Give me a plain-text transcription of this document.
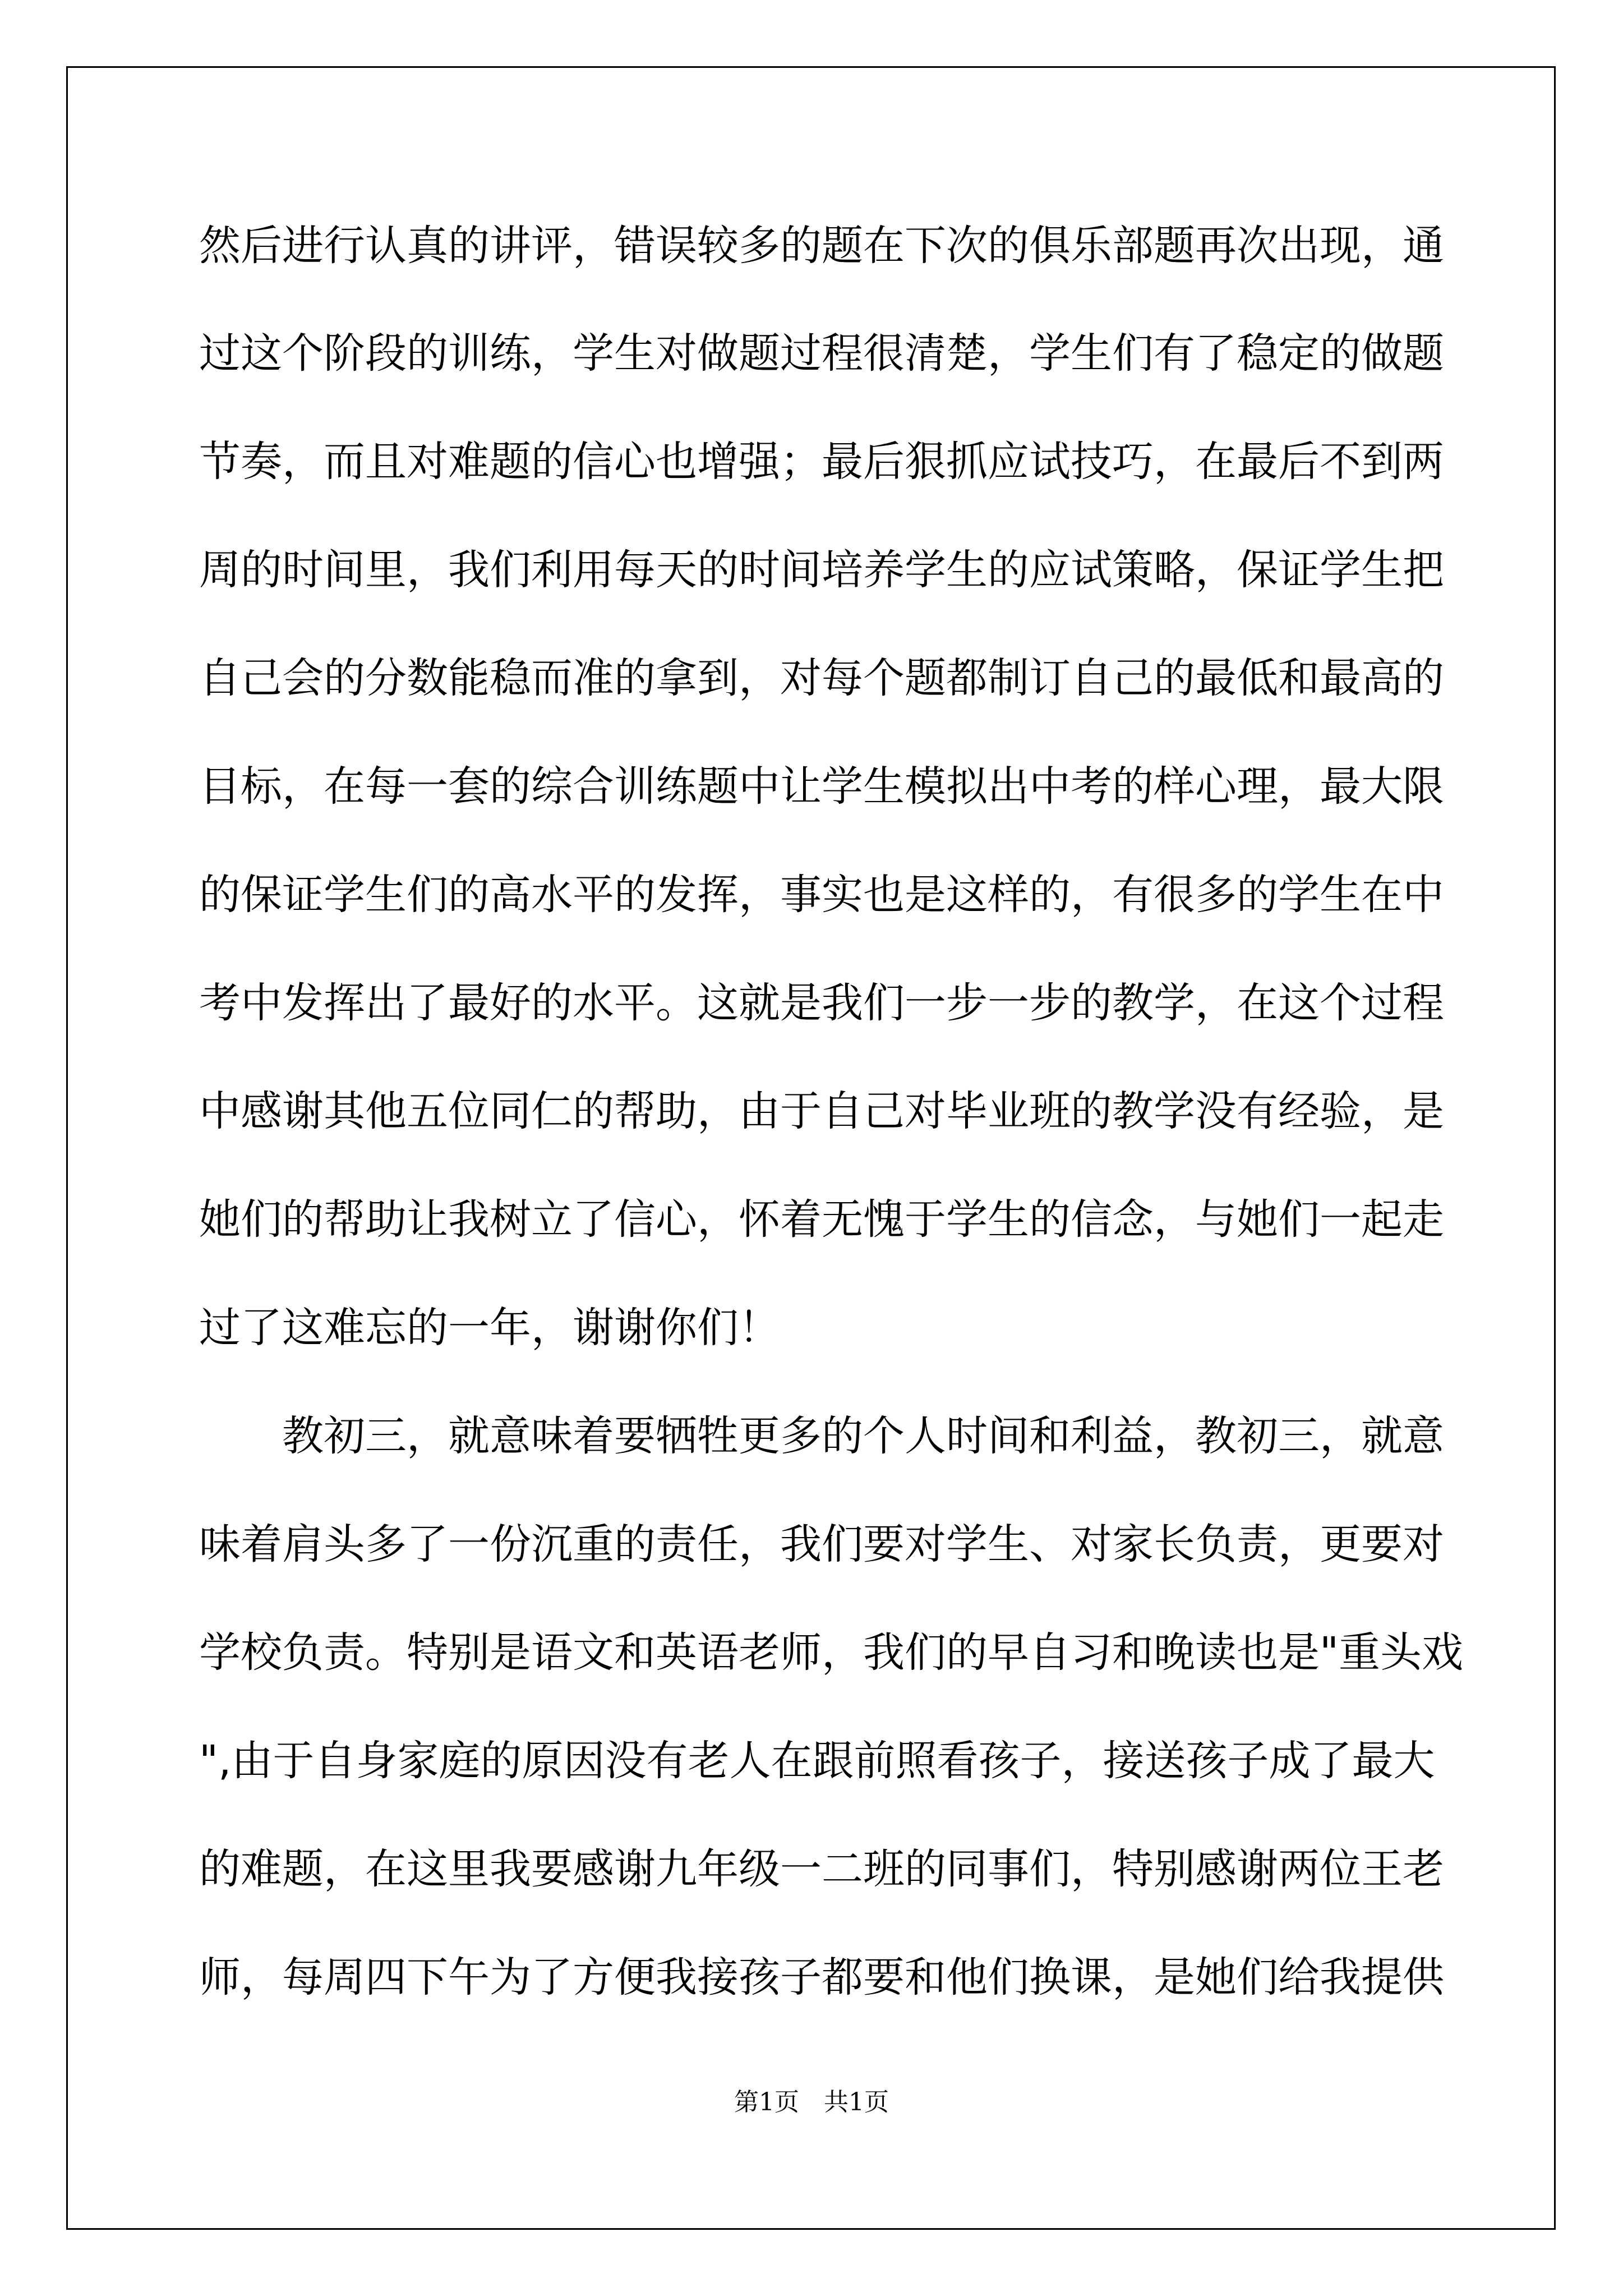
然后进行认真的讲评，错误较多的题在下次的俱乐部题再次出现，通
过这个阶段的训练，学生对做题过程很清楚，学生们有了稳定的做题
节奏，而且对难题的信心也增强；最后狠抓应试技巧，在最后不到两
周的时间里，我们利用每天的时间培养学生的应试策略，保证学生把
自己会的分数能稳而准的拿到，对每个题都制订自己的最低和最高的
目标，在每一套的综合训练题中让学生模拟出中考的样心理，最大限
的保证学生们的高水平的发挥，事实也是这样的，有很多的学生在中
考中发挥出了最好的水平。这就是我们一步一步的教学，在这个过程
中感谢其他五位同仁的帮助，由于自己对毕业班的教学没有经验，是
她们的帮助让我树立了信心，怀着无愧于学生的信念，与她们一起走
过了这难忘的一年，谢谢你们！
教初三，就意味着要牺牲更多的个人时间和利益，教初三，就意
味着肩头多了一份沉重的责任，我们要对学生、对家长负责，更要对
学校负责。特别是语文和英语老师，我们的早自习和晚读也是"重头戏
",由于自身家庭的原因没有老人在跟前照看孩子，接送孩子成了最大
的难题，在这里我要感谢九年级一二班的同事们，特别感谢两位王老
师，每周四下午为了方便我接孩子都要和他们换课，是她们给我提供
第1页　共1页
